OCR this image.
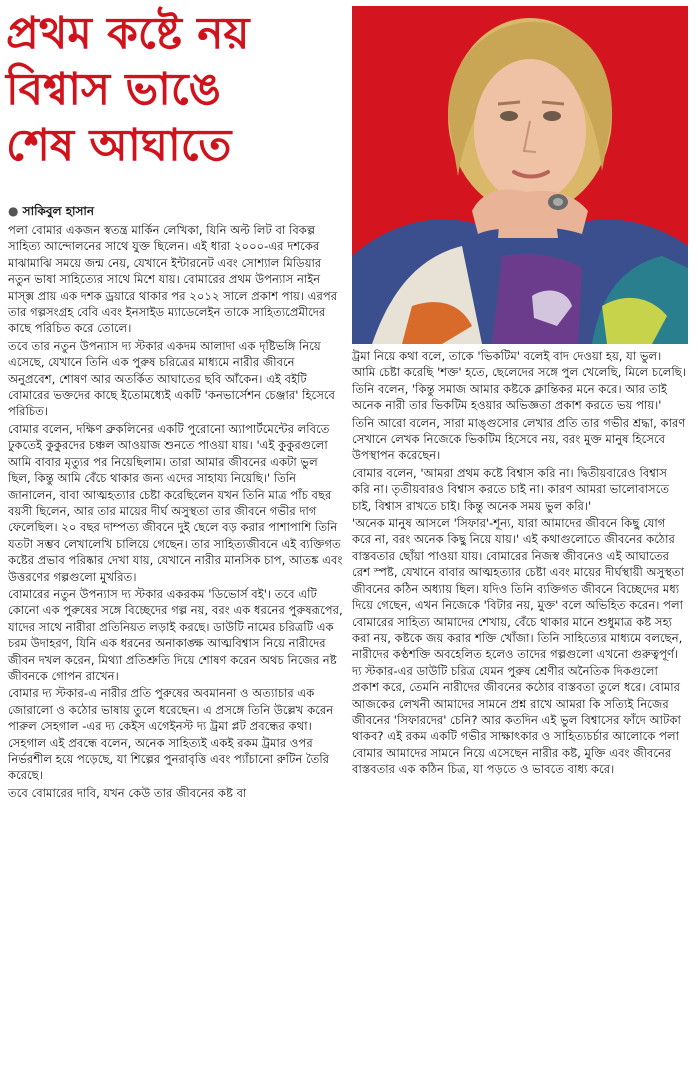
প্রথম কষ্টে নয়
বিশ্বাস ভাঙে
শেষ আঘাতে

● সাকিবুল হাসান

পলা বোমার একজন স্বতন্ত্র মার্কিন লেখিকা, যিনি অল্ট লিট বা বিকল্প সাহিত্য আন্দোলনের সাথে যুক্ত ছিলেন। এই ধারা ২০০০-এর দশকের মাঝামাঝি সময়ে জন্ম নেয়, যেখানে ইন্টারনেট এবং সোশ্যাল মিডিয়ার নতুন ভাষা সাহিত্যের সাথে মিশে যায়। বোমারের প্রথম উপন্যাস নাইন মাস্ক্স প্রায় এক দশক ড্রয়ারে থাকার পর ২০১২ সালে প্রকাশ পায়। এরপর তার গল্পসংগ্রহ বেবি এবং ইনসাইড ম্যাডেলেইন তাকে সাহিত্যপ্রেমীদের কাছে পরিচিত করে তোলে।

তবে তার নতুন উপন্যাস দ্য স্টকার একদম আলাদা এক দৃষ্টিভঙ্গি নিয়ে এসেছে, যেখানে তিনি এক পুরুষ চরিত্রের মাধ্যমে নারীর জীবনে অনুপ্রবেশ, শোষণ আর অতর্কিত আঘাতের ছবি আঁকেন। এই বইটি বোমারের ভক্তদের কাছে ইতোমধ্যেই একটি 'কনভার্সেশন চেঞ্জার' হিসেবে পরিচিত।

বোমার বলেন, দক্ষিণ ব্রুকলিনের একটি পুরোনো অ্যাপার্টমেন্টের লবিতে ঢুকতেই কুকুরদের চঞ্চল আওয়াজ শুনতে পাওয়া যায়। 'এই কুকুরগুলো আমি বাবার মৃত্যুর পর নিয়েছিলাম। তারা আমার জীবনের একটা ভুল ছিল, কিন্তু আমি বেঁচে থাকার জন্য এদের সাহায্য নিয়েছি।' তিনি জানালেন, বাবা আত্মহত্যার চেষ্টা করেছিলেন যখন তিনি মাত্র পাঁচ বছর বয়সী ছিলেন, আর তার মায়ের দীর্ঘ অসুস্থতা তার জীবনে গভীর দাগ ফেলেছিল। ২০ বছর দাম্পত্য জীবনে দুই ছেলে বড় করার পাশাপাশি তিনি যতটা সম্ভব লেখালেখি চালিয়ে গেছেন। তার সাহিত্যজীবনে এই ব্যক্তিগত কষ্টের প্রভাব পরিষ্কার দেখা যায়, যেখানে নারীর মানসিক চাপ, আতঙ্ক এবং উত্তরণের গল্পগুলো মুখরিত।

বোমারের নতুন উপন্যাস দ্য স্টকার একরকম 'ডিভোর্স বই'। তবে এটি কোনো এক পুরুষের সঙ্গে বিচ্ছেদের গল্প নয়, বরং এক ধরনের পুরুষরূপের, যাদের সাথে নারীরা প্রতিনিয়ত লড়াই করছে। ডাউটি নামের চরিত্রটি এক চরম উদাহরণ, যিনি এক ধরনের অনাকাঙ্ক্ষ আত্মবিশ্বাস নিয়ে নারীদের জীবন দখল করেন, মিথ্যা প্রতিশ্রুতি দিয়ে শোষণ করেন অথচ নিজের নষ্ট জীবনকে গোপন রাখেন।

বোমার দ্য স্টকার-এ নারীর প্রতি পুরুষের অবমাননা ও অত্যাচার এক জোরালো ও কঠোর ভাষায় তুলে ধরেছেন। এ প্রসঙ্গে তিনি উল্লেখ করেন পারুল সেহগাল -এর দ্য কেইস এগেইনস্ট দ্য ট্রমা প্লট প্রবন্ধের কথা। সেহগাল এই প্রবন্ধে বলেন, অনেক সাহিত্যই একই রকম ট্রমার ওপর নির্ভরশীল হয়ে পড়েছে, যা শিল্পের পুনরাবৃত্তি এবং প্যাঁচানো রুটিন তৈরি করেছে।

তবে বোমারের দাবি, যখন কেউ তার জীবনের কষ্ট বা

ট্রমা নিয়ে কথা বলে, তাকে 'ভিকটিম' বলেই বাদ দেওয়া হয়, যা ভুল। আমি চেষ্টা করেছি 'শক্ত' হতে, ছেলেদের সঙ্গে পুল খেলেছি, মিলে চলেছি। তিনি বলেন, 'কিন্তু সমাজ আমার কষ্টকে ক্লান্তিকর মনে করে। আর তাই অনেক নারী তার ভিকটিম হওয়ার অভিজ্ঞতা প্রকাশ করতে ভয় পায়।'

তিনি আরো বলেন, সারা মাঙ্গুসোর লেখার প্রতি তার গভীর শ্রদ্ধা, কারণ সেখানে লেখক নিজেকে ভিকটিম হিসেবে নয়, বরং মুক্ত মানুষ হিসেবে উপস্থাপন করেছেন।

বোমার বলেন, 'আমরা প্রথম কষ্টে বিশ্বাস করি না। দ্বিতীয়বারেও বিশ্বাস করি না। তৃতীয়বারও বিশ্বাস করতে চাই না। কারণ আমরা ভালোবাসতে চাই, বিশ্বাস রাখতে চাই। কিন্তু অনেক সময় ভুল করি।'

'অনেক মানুষ আসলে 'সিফার'-শূন্য, যারা আমাদের জীবনে কিছু যোগ করে না, বরং অনেক কিছু নিয়ে যায়।' এই কথাগুলোতে জীবনের কঠোর বাস্তবতার ছোঁয়া পাওয়া যায়। বোমারের নিজস্ব জীবনেও এই আঘাতের রেশ স্পষ্ট, যেখানে বাবার আত্মহত্যার চেষ্টা এবং মায়ের দীর্ঘস্থায়ী অসুস্থতা জীবনের কঠিন অধ্যায় ছিল। যদিও তিনি ব্যক্তিগত জীবনে বিচ্ছেদের মধ্য দিয়ে গেছেন, এখন নিজেকে 'বিটার নয়, মুক্ত' বলে অভিহিত করেন। পলা বোমারের সাহিত্য আমাদের শেখায়, বেঁচে থাকার মানে শুধুমাত্র কষ্ট সহ্য করা নয়, কষ্টকে জয় করার শক্তি খোঁজা। তিনি সাহিত্যের মাধ্যমে বলছেন, নারীদের কণ্ঠশক্তি অবহেলিত হলেও তাদের গল্পগুলো এখনো গুরুত্বপূর্ণ। দ্য স্টকার-এর ডাউটি চরিত্র যেমন পুরুষ শ্রেণীর অনৈতিক দিকগুলো প্রকাশ করে, তেমনি নারীদের জীবনের কঠোর বাস্তবতা তুলে ধরে। বোমার আজকের লেখনী আমাদের সামনে প্রশ্ন রাখে আমরা কি সত্যিই নিজের জীবনের 'সিফারদের' চেনি? আর কতদিন এই ভুল বিশ্বাসের ফাঁদে আটকা থাকব? এই রকম একটি গভীর সাক্ষাৎকার ও সাহিত্যচর্চার আলোকে পলা বোমার আমাদের সামনে নিয়ে এসেছেন নারীর কষ্ট, মুক্তি এবং জীবনের বাস্তবতার এক কঠিন চিত্র, যা পড়তে ও ভাবতে বাধ্য করে।
